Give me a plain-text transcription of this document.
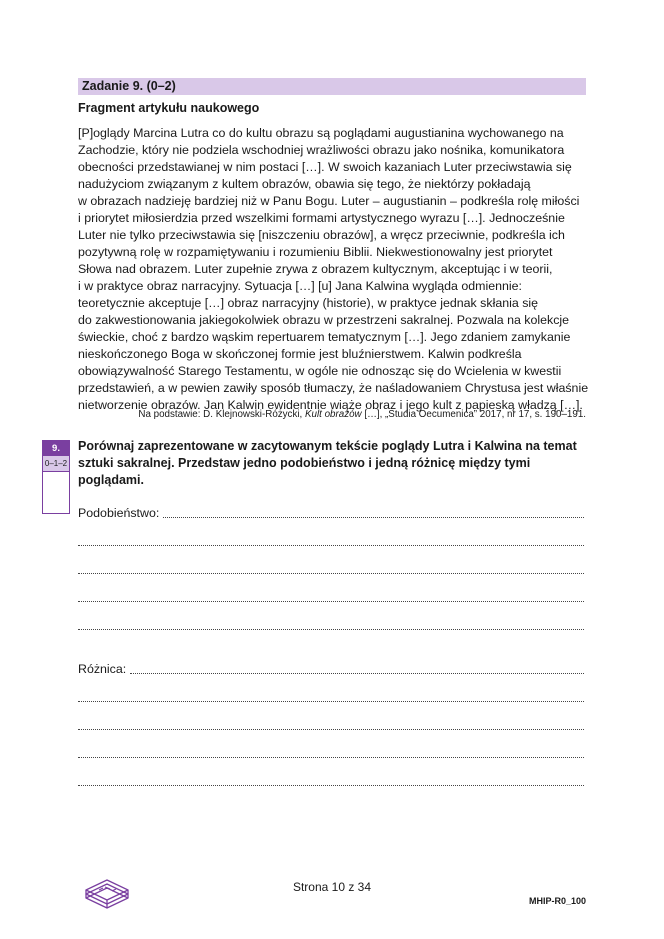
Zadanie 9. (0–2)
Fragment artykułu naukowego
[P]oglądy Marcina Lutra co do kultu obrazu są poglądami augustianina wychowanego na
Zachodzie, który nie podziela wschodniej wrażliwości obrazu jako nośnika, komunikatora
obecności przedstawianej w nim postaci […]. W swoich kazaniach Luter przeciwstawia się
nadużyciom związanym z kultem obrazów, obawia się tego, że niektórzy pokładają
w obrazach nadzieję bardziej niż w Panu Bogu. Luter – augustianin – podkreśla rolę miłości
i priorytet miłosierdzia przed wszelkimi formami artystycznego wyrazu […]. Jednocześnie
Luter nie tylko przeciwstawia się [niszczeniu obrazów], a wręcz przeciwnie, podkreśla ich
pozytywną rolę w rozpamiętywaniu i rozumieniu Biblii. Niekwestionowalny jest priorytet
Słowa nad obrazem. Luter zupełnie zrywa z obrazem kultycznym, akceptując i w teorii,
i w praktyce obraz narracyjny. Sytuacja […] [u] Jana Kalwina wygląda odmiennie:
teoretycznie akceptuje […] obraz narracyjny (historie), w praktyce jednak skłania się
do zakwestionowania jakiegokolwiek obrazu w przestrzeni sakralnej. Pozwala na kolekcje
świeckie, choć z bardzo wąskim repertuarem tematycznym […]. Jego zdaniem zamykanie
nieskończonego Boga w skończonej formie jest bluźnierstwem. Kalwin podkreśla
obowiązywalność Starego Testamentu, w ogóle nie odnosząc się do Wcielenia w kwestii
przedstawień, a w pewien zawiły sposób tłumaczy, że naśladowaniem Chrystusa jest właśnie
nietworzenie obrazów. Jan Kalwin ewidentnie wiąże obraz i jego kult z papieską władzą […].
Na podstawie: D. Klejnowski-Różycki, Kult obrazów […], „Studia Oecumenica” 2017, nr 17, s. 190–191.
9.
0–1–2
Porównaj zaprezentowane w zacytowanym tekście poglądy Lutra i Kalwina na temat
sztuki sakralnej. Przedstaw jedno podobieństwo i jedną różnicę między tymi
poglądami.
Podobieństwo:
Różnica:
Strona 10 z 34
MHIP-R0_100
